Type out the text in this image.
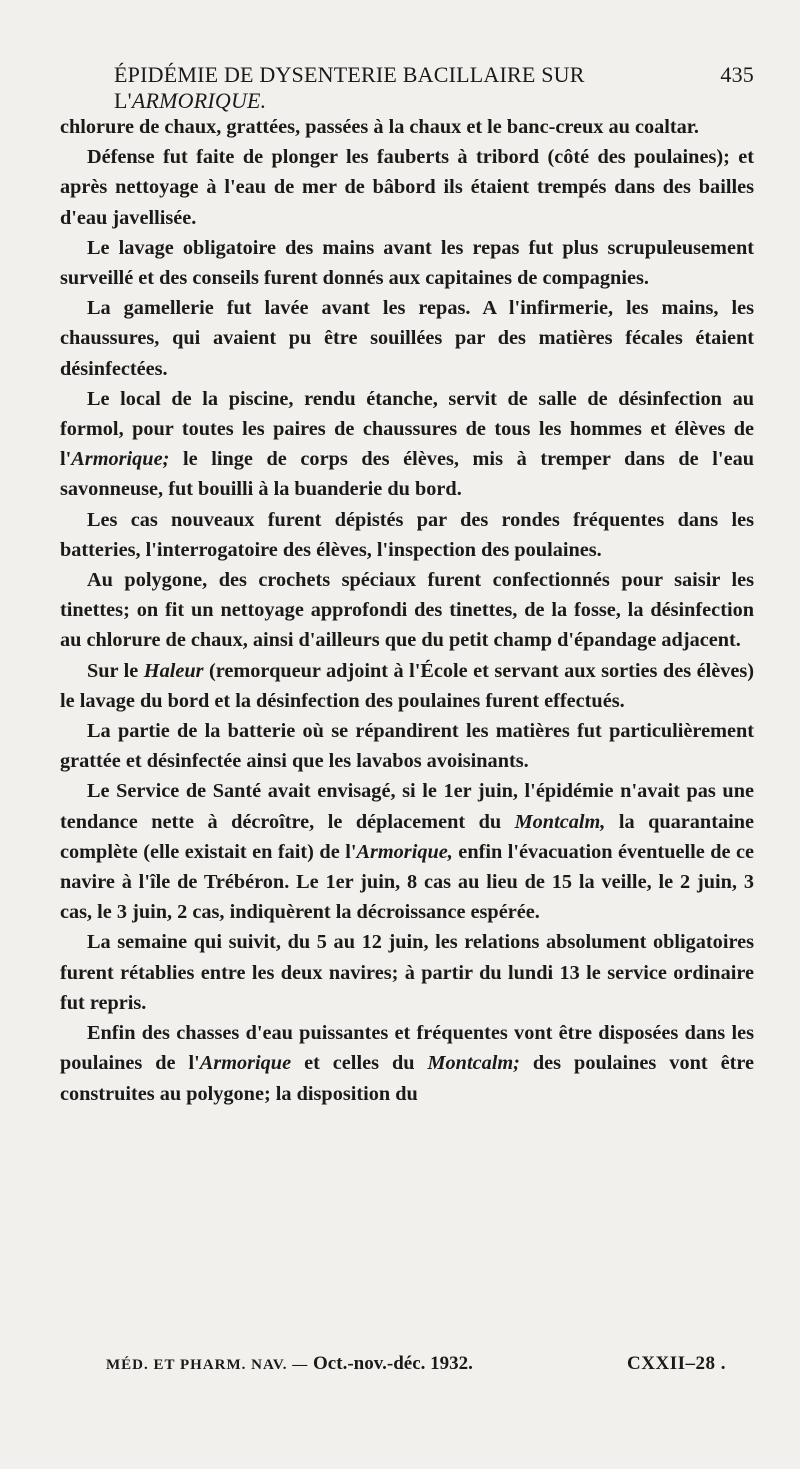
ÉPIDÉMIE DE DYSENTERIE BACILLAIRE SUR L'ARMORIQUE.
435

chlorure de chaux, grattées, passées à la chaux et le banc-creux au coaltar.

Défense fut faite de plonger les fauberts à tribord (côté des poulaines); et après nettoyage à l'eau de mer de bâbord ils étaient trempés dans des bailles d'eau javellisée.

Le lavage obligatoire des mains avant les repas fut plus scrupuleusement surveillé et des conseils furent donnés aux capitaines de compagnies.

La gamellerie fut lavée avant les repas. A l'infirmerie, les mains, les chaussures, qui avaient pu être souillées par des matières fécales étaient désinfectées.

Le local de la piscine, rendu étanche, servit de salle de désinfection au formol, pour toutes les paires de chaussures de tous les hommes et élèves de l'Armorique; le linge de corps des élèves, mis à tremper dans de l'eau savonneuse, fut bouilli à la buanderie du bord.

Les cas nouveaux furent dépistés par des rondes fréquentes dans les batteries, l'interrogatoire des élèves, l'inspection des poulaines.

Au polygone, des crochets spéciaux furent confectionnés pour saisir les tinettes; on fit un nettoyage approfondi des tinettes, de la fosse, la désinfection au chlorure de chaux, ainsi d'ailleurs que du petit champ d'épandage adjacent.

Sur le Haleur (remorqueur adjoint à l'École et servant aux sorties des élèves) le lavage du bord et la désinfection des poulaines furent effectués.

La partie de la batterie où se répandirent les matières fut particulièrement grattée et désinfectée ainsi que les lavabos avoisinants.

Le Service de Santé avait envisagé, si le 1er juin, l'épidémie n'avait pas une tendance nette à décroître, le déplacement du Montcalm, la quarantaine complète (elle existait en fait) de l'Armorique, enfin l'évacuation éventuelle de ce navire à l'île de Trébéron. Le 1er juin, 8 cas au lieu de 15 la veille, le 2 juin, 3 cas, le 3 juin, 2 cas, indiquèrent la décroissance espérée.

La semaine qui suivit, du 5 au 12 juin, les relations absolument obligatoires furent rétablies entre les deux navires; à partir du lundi 13 le service ordinaire fut repris.

Enfin des chasses d'eau puissantes et fréquentes vont être disposées dans les poulaines de l'Armorique et celles du Montcalm; des poulaines vont être construites au polygone; la disposition du

MÉD. ET PHARM. NAV. — Oct.-nov.-déc. 1932.	CXXII–28 .
